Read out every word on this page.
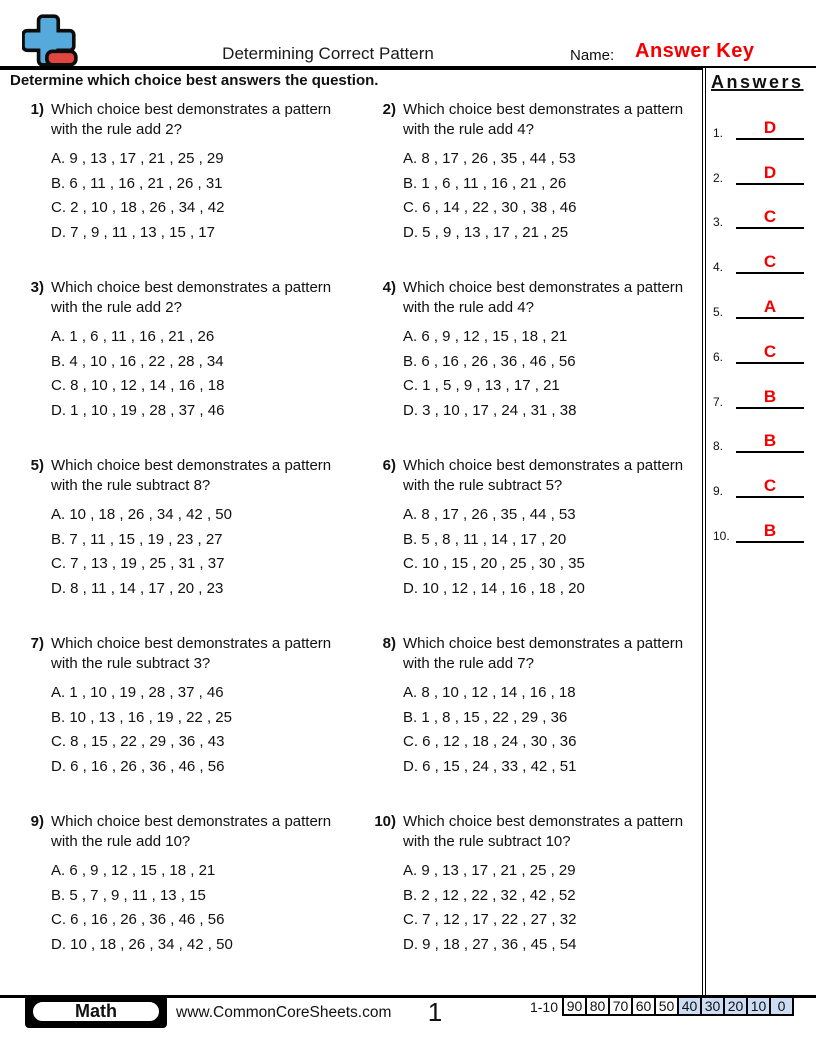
Determining Correct Pattern	Name: Answer Key
Determine which choice best answers the question.
1) Which choice best demonstrates a pattern
with the rule add 2?
A. 9 , 13 , 17 , 21 , 25 , 29
B. 6 , 11 , 16 , 21 , 26 , 31
C. 2 , 10 , 18 , 26 , 34 , 42
D. 7 , 9 , 11 , 13 , 15 , 17
2) Which choice best demonstrates a pattern
with the rule add 4?
A. 8 , 17 , 26 , 35 , 44 , 53
B. 1 , 6 , 11 , 16 , 21 , 26
C. 6 , 14 , 22 , 30 , 38 , 46
D. 5 , 9 , 13 , 17 , 21 , 25
3) Which choice best demonstrates a pattern
with the rule add 2?
A. 1 , 6 , 11 , 16 , 21 , 26
B. 4 , 10 , 16 , 22 , 28 , 34
C. 8 , 10 , 12 , 14 , 16 , 18
D. 1 , 10 , 19 , 28 , 37 , 46
4) Which choice best demonstrates a pattern
with the rule add 4?
A. 6 , 9 , 12 , 15 , 18 , 21
B. 6 , 16 , 26 , 36 , 46 , 56
C. 1 , 5 , 9 , 13 , 17 , 21
D. 3 , 10 , 17 , 24 , 31 , 38
5) Which choice best demonstrates a pattern
with the rule subtract 8?
A. 10 , 18 , 26 , 34 , 42 , 50
B. 7 , 11 , 15 , 19 , 23 , 27
C. 7 , 13 , 19 , 25 , 31 , 37
D. 8 , 11 , 14 , 17 , 20 , 23
6) Which choice best demonstrates a pattern
with the rule subtract 5?
A. 8 , 17 , 26 , 35 , 44 , 53
B. 5 , 8 , 11 , 14 , 17 , 20
C. 10 , 15 , 20 , 25 , 30 , 35
D. 10 , 12 , 14 , 16 , 18 , 20
7) Which choice best demonstrates a pattern
with the rule subtract 3?
A. 1 , 10 , 19 , 28 , 37 , 46
B. 10 , 13 , 16 , 19 , 22 , 25
C. 8 , 15 , 22 , 29 , 36 , 43
D. 6 , 16 , 26 , 36 , 46 , 56
8) Which choice best demonstrates a pattern
with the rule add 7?
A. 8 , 10 , 12 , 14 , 16 , 18
B. 1 , 8 , 15 , 22 , 29 , 36
C. 6 , 12 , 18 , 24 , 30 , 36
D. 6 , 15 , 24 , 33 , 42 , 51
9) Which choice best demonstrates a pattern
with the rule add 10?
A. 6 , 9 , 12 , 15 , 18 , 21
B. 5 , 7 , 9 , 11 , 13 , 15
C. 6 , 16 , 26 , 36 , 46 , 56
D. 10 , 18 , 26 , 34 , 42 , 50
10) Which choice best demonstrates a pattern
with the rule subtract 10?
A. 9 , 13 , 17 , 21 , 25 , 29
B. 2 , 12 , 22 , 32 , 42 , 52
C. 7 , 12 , 17 , 22 , 27 , 32
D. 9 , 18 , 27 , 36 , 45 , 54
Answers
1.	D
2.	D
3.	C
4.	C
5.	A
6.	C
7.	B
8.	B
9.	C
10.	B
Math	www.CommonCoreSheets.com	1	1-10 90 80 70 60 50 40 30 20 10 0
